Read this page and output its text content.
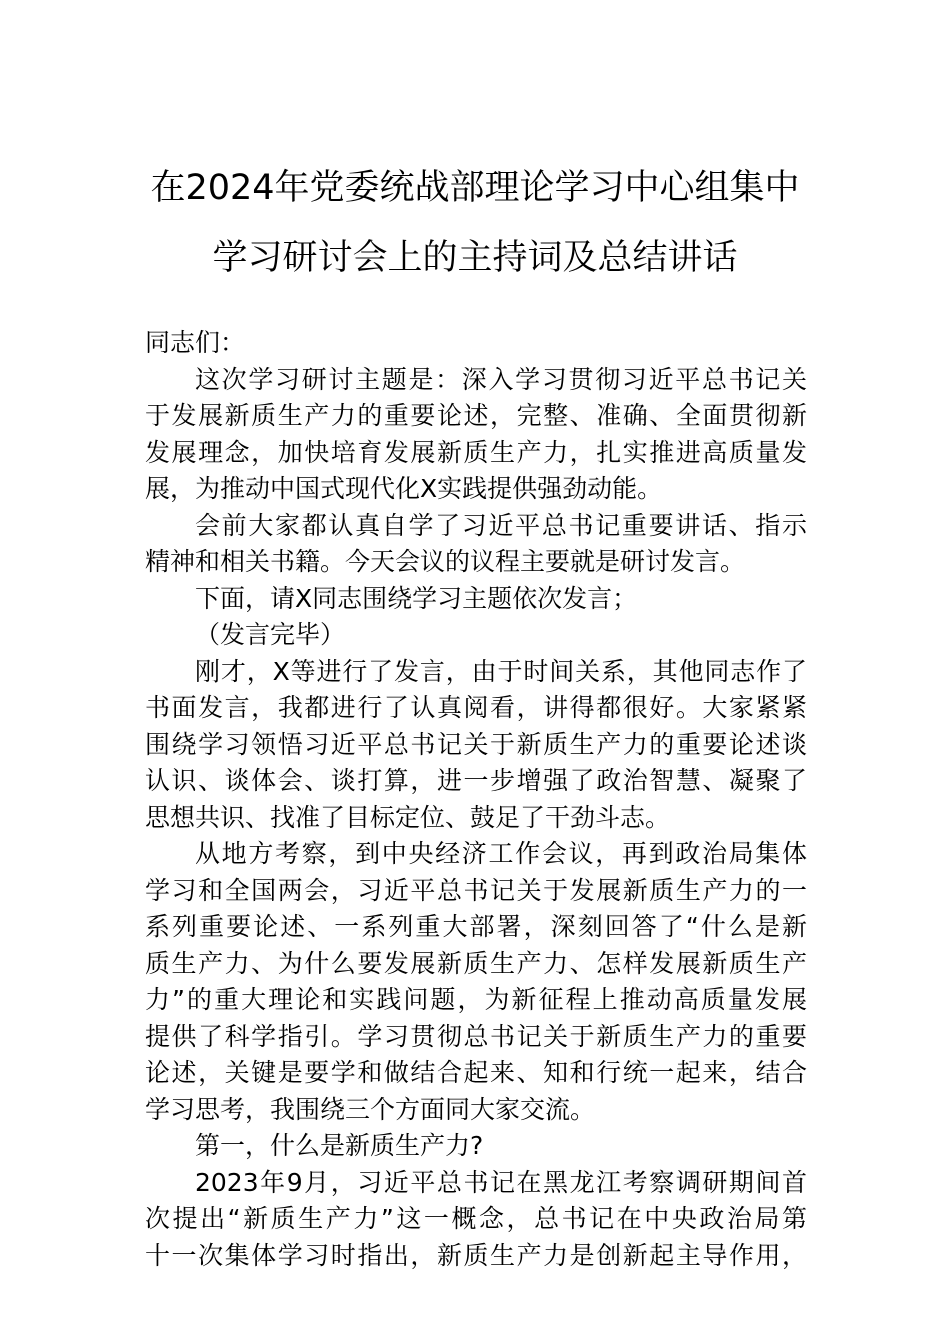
在2024年党委统战部理论学习中心组集中
学习研讨会上的主持词及总结讲话
同志们：
这次学习研讨主题是：深入学习贯彻习近平总书记关
于发展新质生产力的重要论述，完整、准确、全面贯彻新
发展理念，加快培育发展新质生产力，扎实推进高质量发
展，为推动中国式现代化X实践提供强劲动能。
会前大家都认真自学了习近平总书记重要讲话、指示
精神和相关书籍。今天会议的议程主要就是研讨发言。
下面，请X同志围绕学习主题依次发言；
（发言完毕）
刚才，X等进行了发言，由于时间关系，其他同志作了
书面发言，我都进行了认真阅看，讲得都很好。大家紧紧
围绕学习领悟习近平总书记关于新质生产力的重要论述谈
认识、谈体会、谈打算，进一步增强了政治智慧、凝聚了
思想共识、找准了目标定位、鼓足了干劲斗志。
从地方考察，到中央经济工作会议，再到政治局集体
学习和全国两会，习近平总书记关于发展新质生产力的一
系列重要论述、一系列重大部署，深刻回答了“什么是新
质生产力、为什么要发展新质生产力、怎样发展新质生产
力”的重大理论和实践问题，为新征程上推动高质量发展
提供了科学指引。学习贯彻总书记关于新质生产力的重要
论述，关键是要学和做结合起来、知和行统一起来，结合
学习思考，我围绕三个方面同大家交流。
第一，什么是新质生产力?
2023年9月，习近平总书记在黑龙江考察调研期间首
次提出“新质生产力”这一概念，总书记在中央政治局第
十一次集体学习时指出，新质生产力是创新起主导作用，
